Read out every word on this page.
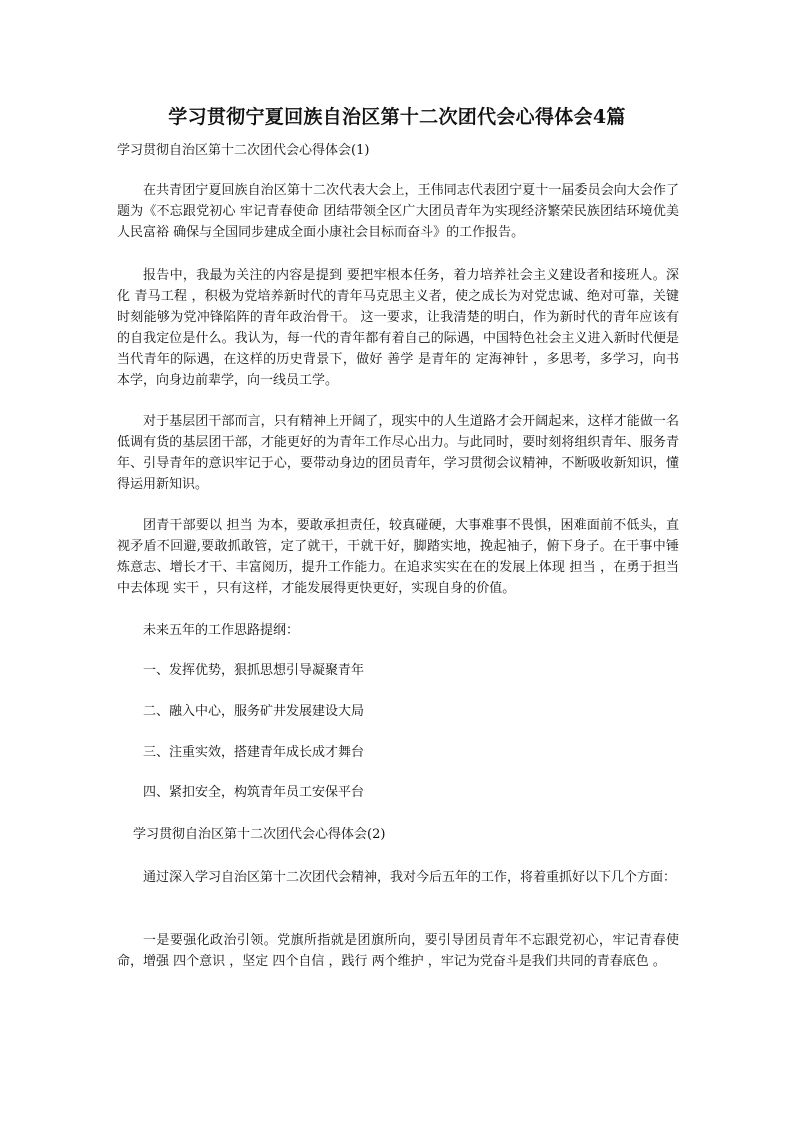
学习贯彻宁夏回族自治区第十二次团代会心得体会4篇
学习贯彻自治区第十二次团代会心得体会(1)

在共青团宁夏回族自治区第十二次代表大会上，王伟同志代表团宁夏十一届委员会向大会作了题为《不忘跟党初心 牢记青春使命 团结带领全区广大团员青年为实现经济繁荣民族团结环境优美人民富裕 确保与全国同步建成全面小康社会目标而奋斗》的工作报告。

报告中，我最为关注的内容是提到 要把牢根本任务，着力培养社会主义建设者和接班人。深化 青马工程 ，积极为党培养新时代的青年马克思主义者，使之成长为对党忠诚、绝对可靠，关键时刻能够为党冲锋陷阵的青年政治骨干。 这一要求，让我清楚的明白，作为新时代的青年应该有的自我定位是什么。我认为，每一代的青年都有着自己的际遇，中国特色社会主义进入新时代便是当代青年的际遇，在这样的历史背景下，做好 善学 是青年的 定海神针 ，多思考，多学习，向书本学，向身边前辈学，向一线员工学。

对于基层团干部而言，只有精神上开阔了，现实中的人生道路才会开阔起来，这样才能做一名低调有货的基层团干部，才能更好的为青年工作尽心出力。与此同时，要时刻将组织青年、服务青年、引导青年的意识牢记于心，要带动身边的团员青年，学习贯彻会议精神，不断吸收新知识，懂得运用新知识。

团青干部要以 担当 为本，要敢承担责任，较真碰硬，大事难事不畏惧，困难面前不低头，直视矛盾不回避,要敢抓敢管，定了就干，干就干好，脚踏实地，挽起袖子，俯下身子。在干事中锤炼意志、增长才干、丰富阅历，提升工作能力。在追求实实在在的发展上体现 担当 ，在勇于担当中去体现 实干 ，只有这样，才能发展得更快更好，实现自身的价值。

未来五年的工作思路提纲：
一、发挥优势，狠抓思想引导凝聚青年
二、融入中心，服务矿井发展建设大局
三、注重实效，搭建青年成长成才舞台
四、紧扣安全，构筑青年员工安保平台
学习贯彻自治区第十二次团代会心得体会(2)

通过深入学习自治区第十二次团代会精神，我对今后五年的工作，将着重抓好以下几个方面：

一是要强化政治引领。党旗所指就是团旗所向，要引导团员青年不忘跟党初心，牢记青春使命，增强 四个意识 ，坚定 四个自信 ，践行 两个维护 ，牢记为党奋斗是我们共同的青春底色 。
